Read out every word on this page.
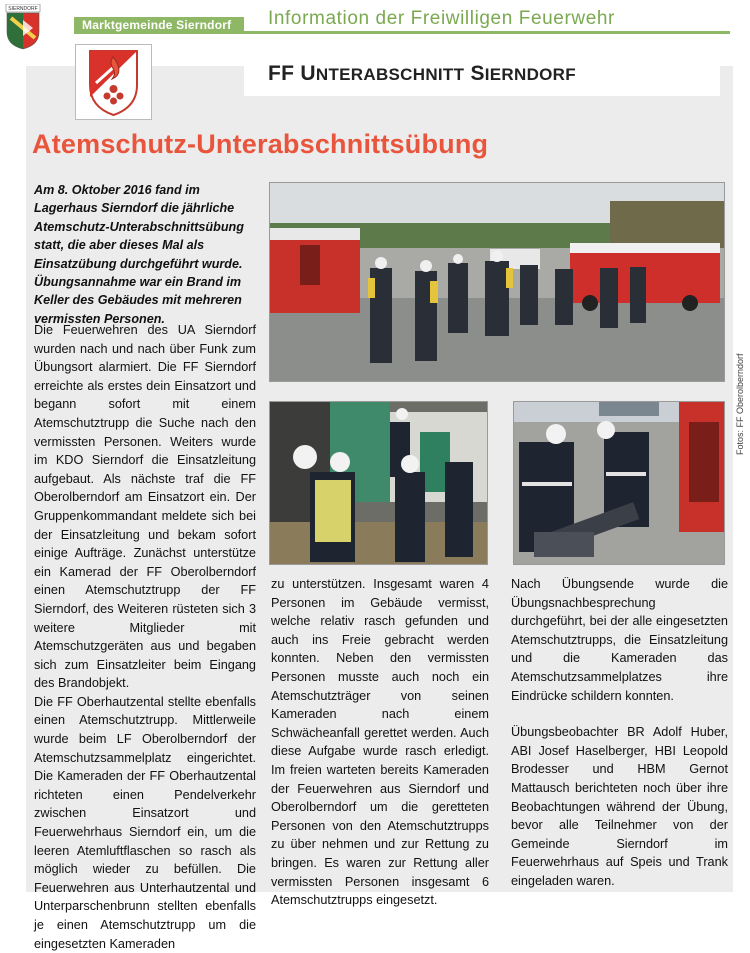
SIERNDORF
Marktgemeinde Sierndorf	Information der Freiwilligen Feuerwehr
FF UNTERABSCHNITT SIERNDORF
Atemschutz-Unterabschnittsübung
Am 8. Oktober 2016 fand im Lagerhaus Sierndorf die jährliche Atemschutz-Unterabschnittsübung statt, die aber dieses Mal als Einsatzübung durchgeführt wurde. Übungsannahme war ein Brand im Keller des Gebäudes mit mehreren vermissten Personen.

Die Feuerwehren des UA Sierndorf wurden nach und nach über Funk zum Übungsort alarmiert. Die FF Sierndorf erreichte als erstes dein Einsatzort und begann sofort mit einem Atemschutztrupp die Suche nach den vermissten Personen. Weiters wurde im KDO Sierndorf die Einsatzleitung aufgebaut. Als nächste traf die FF Oberolberndorf am Einsatzort ein. Der Gruppenkommandant meldete sich bei der Einsatzleitung und bekam sofort einige Aufträge. Zunächst unterstütze ein Kamerad der FF Oberolberndorf einen Atemschutztrupp der FF Sierndorf, des Weiteren rüsteten sich 3 weitere Mitglieder mit Atemschutzgeräten aus und begaben sich zum Einsatzleiter beim Eingang des Brandobjekt.

Die FF Oberhautzental stellte ebenfalls einen Atemschutztrupp. Mittlerweile wurde beim LF Oberolberndorf der Atemschutzsammelplatz eingerichtet. Die Kameraden der FF Oberhautzental richteten einen Pendelverkehr zwischen Einsatzort und Feuerwehrhaus Sierndorf ein, um die leeren Atemluftflaschen so rasch als möglich wieder zu befüllen. Die Feuerwehren aus Unterhautzental und Unterparschenbrunn stellten ebenfalls je einen Atemschutztrupp um die eingesetzten Kameraden

zu unterstützen. Insgesamt waren 4 Personen im Gebäude vermisst, welche relativ rasch gefunden und auch ins Freie gebracht werden konnten. Neben den vermissten Personen musste auch noch ein Atemschutzträger von seinen Kameraden nach einem Schwächeanfall gerettet werden. Auch diese Aufgabe wurde rasch erledigt. Im freien warteten bereits Kameraden der Feuerwehren aus Sierndorf und Oberolberndorf um die geretteten Personen von den Atemschutztrupps zu über nehmen und zur Rettung zu bringen. Es waren zur Rettung aller vermissten Personen insgesamt 6 Atemschutztrupps eingesetzt.

Nach Übungsende wurde die Übungsnachbesprechung durchgeführt, bei der alle eingesetzten Atemschutztrupps, die Einsatzleitung und die Kameraden das Atemschutzsammelplatzes ihre Eindrücke schildern konnten.

Übungsbeobachter BR Adolf Huber, ABI Josef Haselberger, HBI Leopold Brodesser und HBM Gernot Mattausch berichteten noch über ihre Beobachtungen während der Übung, bevor alle Teilnehmer von der Gemeinde Sierndorf im Feuerwehrhaus auf Speis und Trank eingeladen waren.

Fotos: FF Oberolberndorf
